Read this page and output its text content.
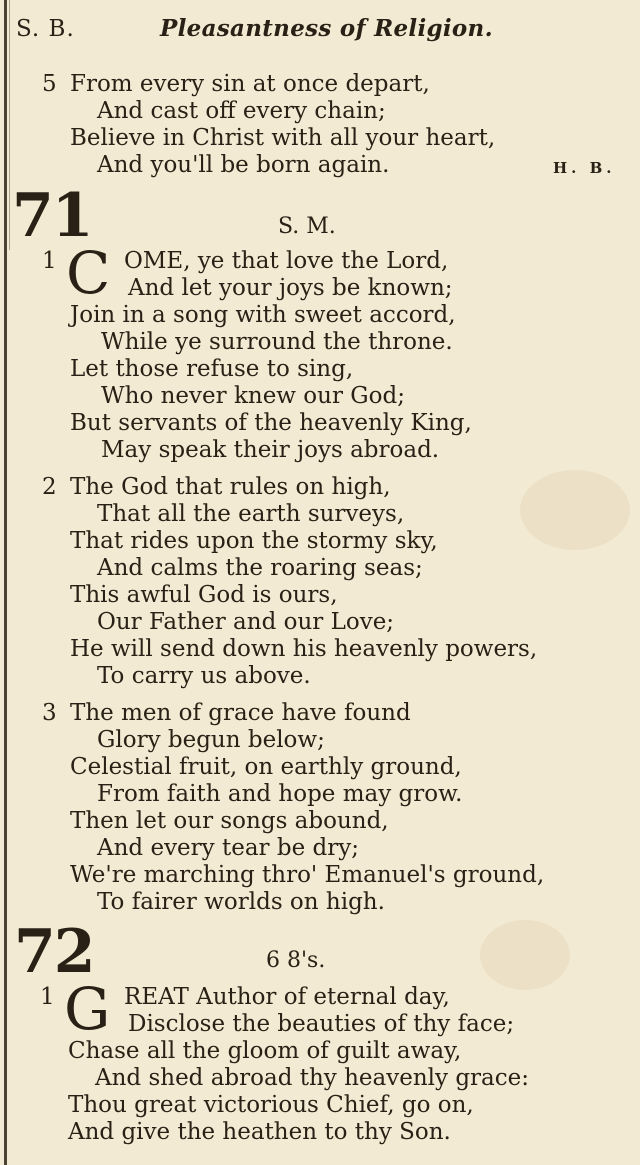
S. B.	Pleasantness of Religion.
5 From every sin at once depart,
And cast off every chain;
Believe in Christ with all your heart,
And you'll be born again.	H. B.
71	S. M.
1 C OME, ye that love the Lord,
And let your joys be known;
Join in a song with sweet accord,
While ye surround the throne.
Let those refuse to sing,
Who never knew our God;
But servants of the heavenly King,
May speak their joys abroad.
2 The God that rules on high,
That all the earth surveys,
That rides upon the stormy sky,
And calms the roaring seas;
This awful God is ours,
Our Father and our Love;
He will send down his heavenly powers,
To carry us above.
3 The men of grace have found
Glory begun below;
Celestial fruit, on earthly ground,
From faith and hope may grow.
Then let our songs abound,
And every tear be dry;
We're marching thro' Emanuel's ground,
To fairer worlds on high.
72	6 8's.
1 G REAT Author of eternal day,
Disclose the beauties of thy face;
Chase all the gloom of guilt away,
And shed abroad thy heavenly grace:
Thou great victorious Chief, go on,
And give the heathen to thy Son.
